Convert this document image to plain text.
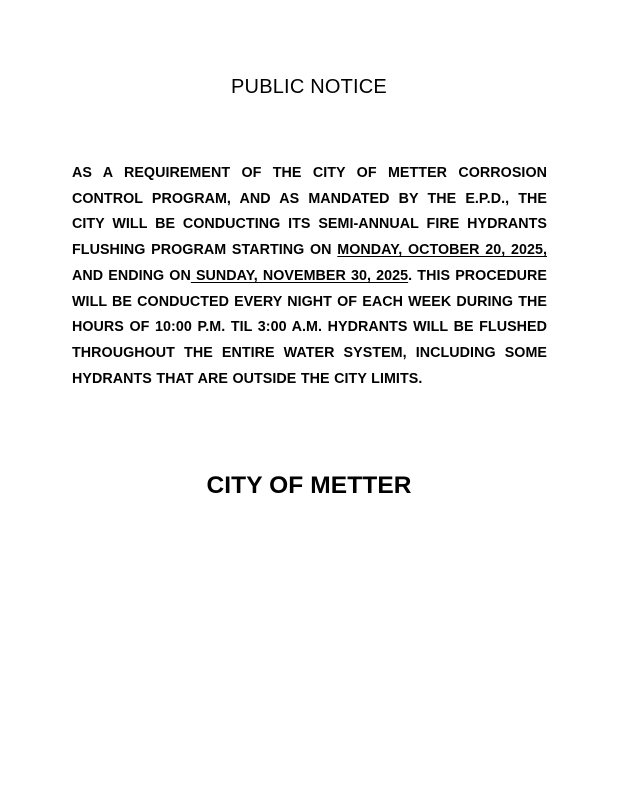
PUBLIC NOTICE
AS A REQUIREMENT OF THE CITY OF METTER CORROSION CONTROL PROGRAM, AND AS MANDATED BY THE E.P.D., THE CITY WILL BE CONDUCTING ITS SEMI-ANNUAL FIRE HYDRANTS FLUSHING PROGRAM STARTING ON MONDAY, OCTOBER 20, 2025, AND ENDING ON SUNDAY, NOVEMBER 30, 2025. THIS PROCEDURE WILL BE CONDUCTED EVERY NIGHT OF EACH WEEK DURING THE HOURS OF 10:00 P.M. TIL 3:00 A.M. HYDRANTS WILL BE FLUSHED THROUGHOUT THE ENTIRE WATER SYSTEM, INCLUDING SOME HYDRANTS THAT ARE OUTSIDE THE CITY LIMITS.
CITY OF METTER
